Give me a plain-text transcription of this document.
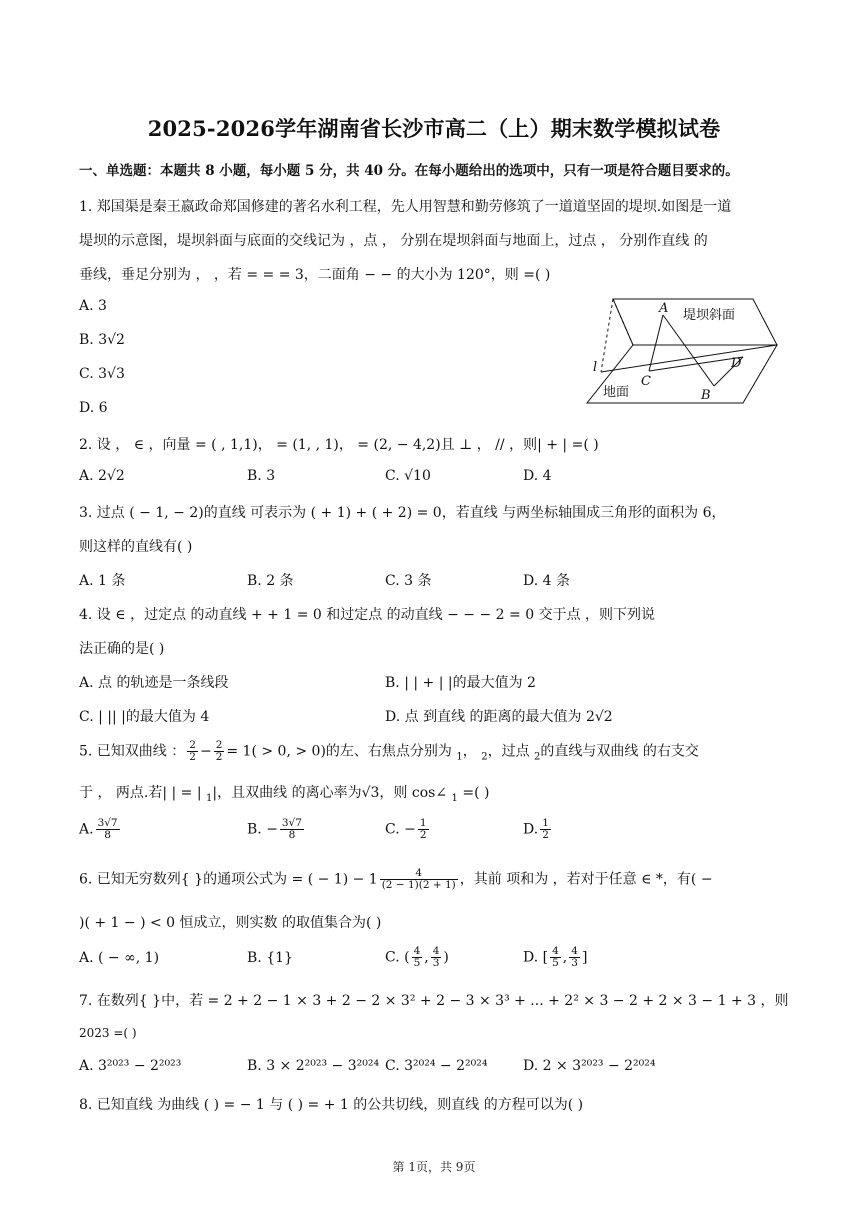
2025-2026学年湖南省长沙市高二（上）期末数学模拟试卷
一、单选题：本题共 8 小题，每小题 5 分，共 40 分。在每小题给出的选项中，只有一项是符合题目要求的。
1. 郑国渠是秦王嬴政命郑国修建的著名水利工程，先人用智慧和勤劳修筑了一道道坚固的堤坝.如图是一道
堤坝的示意图，堤坝斜面与底面的交线记为 ，点 ， 分别在堤坝斜面与地面上，过点 ， 分别作直线 的
垂线，垂足分别为 ， ，若 = = = 3，二面角 − − 的大小为 120°，则 =( )
A. 3
B. 3√2
C. 3√3
D. 6
A
B
C
D
l
堤坝斜面
地面
2. 设 ， ∈ ，向量 = ( , 1,1)， = (1, , 1)， = (2, − 4,2)且 ⊥ ， // ，则| + | =( )
A. 2√2	B. 3	C. √10	D. 4
3. 过点 ( − 1, − 2)的直线 可表示为 ( + 1) + ( + 2) = 0，若直线 与两坐标轴围成三角形的面积为 6，
则这样的直线有( )
A. 1 条	B. 2 条	C. 3 条	D. 4 条
4. 设 ∈ ，过定点 的动直线 + + 1 = 0 和过定点 的动直线 − − − 2 = 0 交于点 ，则下列说
法正确的是( )
A. 点 的轨迹是一条线段	B. | | + | |的最大值为 2
C. | || |的最大值为 4	D. 点 到直线 的距离的最大值为 2√2
5. 已知双曲线 ： $\frac{2}{2} - \frac{2}{2} = 1( > 0$, > 0)的左、右焦点分别为 $_1$， $_2$，过点 $_2$的直线与双曲线 的右支交
于 ， 两点.若| | = | $_1$|，且双曲线 的离心率为√3，则 cos∠ $_1$ =( )
A. $\frac{3√7}{8}$	B. − $\frac{3√7}{8}$	C. − $\frac{1}{2}$	D. $\frac{1}{2}$
6. 已知无穷数列{ }的通项公式为 = ( − $1) - 1 \frac{4}{(2 - 1)(2 + 1)}$ ，其前 项和为 ，若对于任意 ∈ *，有( −
)( + 1 − ) < 0 恒成立，则实数 的取值集合为( )
A. ( − ∞, 1)	B. {1}	C. ( $\frac{4}{5}$ , $\frac{4}{3}$ )	D. [ $\frac{4}{5}$ , $\frac{4}{3}$ ]
7. 在数列{ }中，若 = 2 + 2 − 1 × 3 + 2 − 2 × 3² + 2 − 3 × 3³ + ... + 2² × 3 − 2 + 2 × 3 − 1 + 3 ，则
2023 =( )
A. 3²⁰²³ − 2²⁰²³	B. 3 × 2²⁰²³ − 3²⁰²⁴ C. 3²⁰²⁴ − 2²⁰²⁴	D. 2 × 3²⁰²³ − 2²⁰²⁴
8. 已知直线 为曲线 ( ) = − 1 与 ( ) = + 1 的公共切线，则直线 的方程可以为( )
第 1页，共 9页
